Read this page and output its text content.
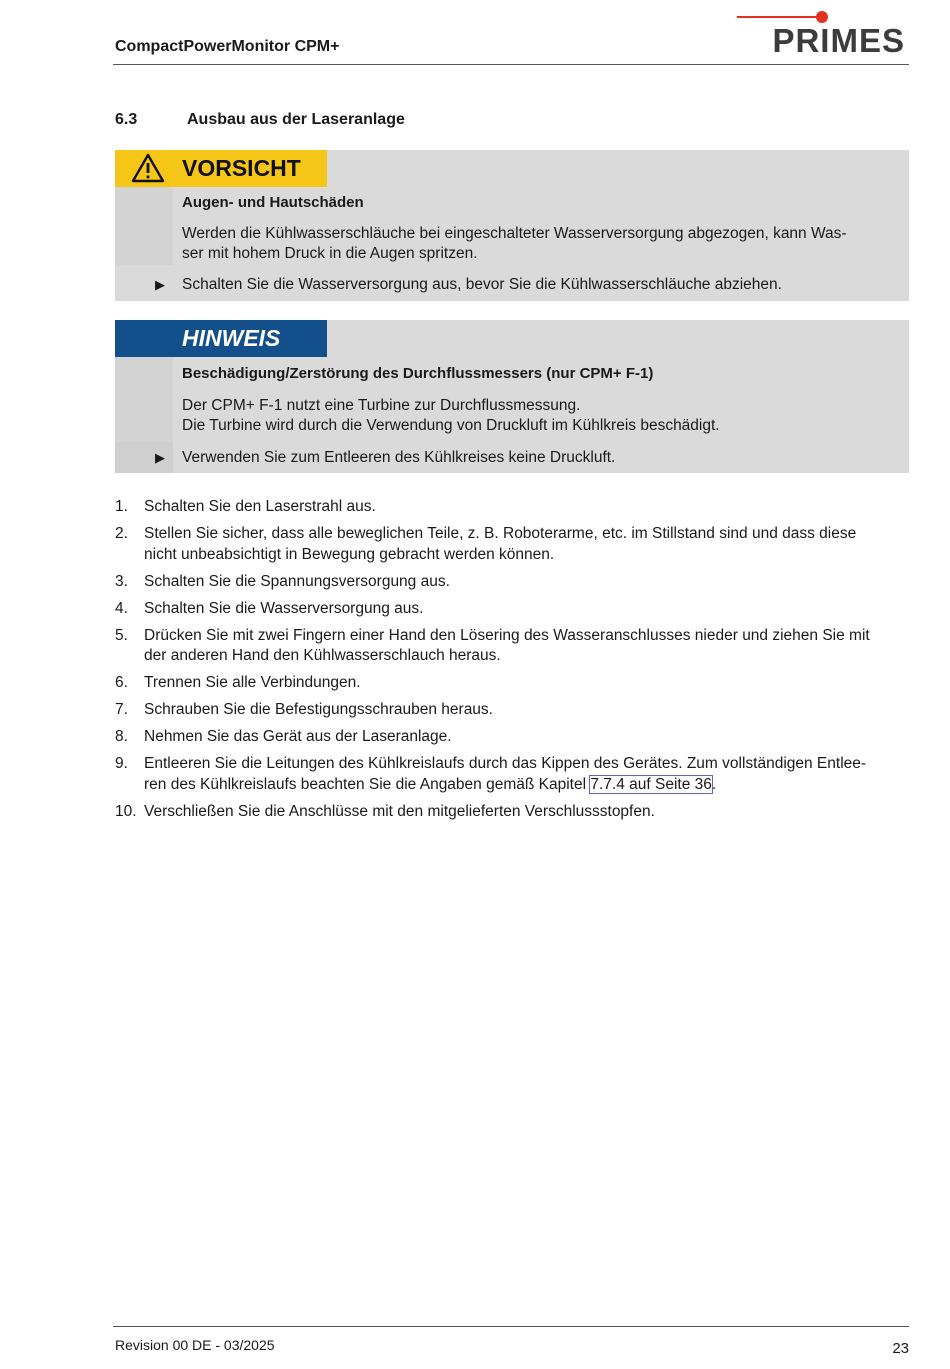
CompactPowerMonitor CPM+	PRIMES
6.3	Ausbau aus der Laseranlage
VORSICHT
Augen- und Hautschäden
Werden die Kühlwasserschläuche bei eingeschalteter Wasserversorgung abgezogen, kann Was-
ser mit hohem Druck in die Augen spritzen.
▶ Schalten Sie die Wasserversorgung aus, bevor Sie die Kühlwasserschläuche abziehen.
HINWEIS
Beschädigung/Zerstörung des Durchflussmessers (nur CPM+ F-1)
Der CPM+ F-1 nutzt eine Turbine zur Durchflussmessung.
Die Turbine wird durch die Verwendung von Druckluft im Kühlkreis beschädigt.
▶ Verwenden Sie zum Entleeren des Kühlkreises keine Druckluft.
1. Schalten Sie den Laserstrahl aus.
2. Stellen Sie sicher, dass alle beweglichen Teile, z. B. Roboterarme, etc. im Stillstand sind und dass diese
nicht unbeabsichtigt in Bewegung gebracht werden können.
3. Schalten Sie die Spannungsversorgung aus.
4. Schalten Sie die Wasserversorgung aus.
5. Drücken Sie mit zwei Fingern einer Hand den Lösering des Wasseranschlusses nieder und ziehen Sie mit
der anderen Hand den Kühlwasserschlauch heraus.
6. Trennen Sie alle Verbindungen.
7. Schrauben Sie die Befestigungsschrauben heraus.
8. Nehmen Sie das Gerät aus der Laseranlage.
9. Entleeren Sie die Leitungen des Kühlkreislaufs durch das Kippen des Gerätes. Zum vollständigen Entlee-
ren des Kühlkreislaufs beachten Sie die Angaben gemäß Kapitel 7.7.4 auf Seite 36.
10. Verschließen Sie die Anschlüsse mit den mitgelieferten Verschlussstopfen.
Revision 00 DE - 03/2025	23
